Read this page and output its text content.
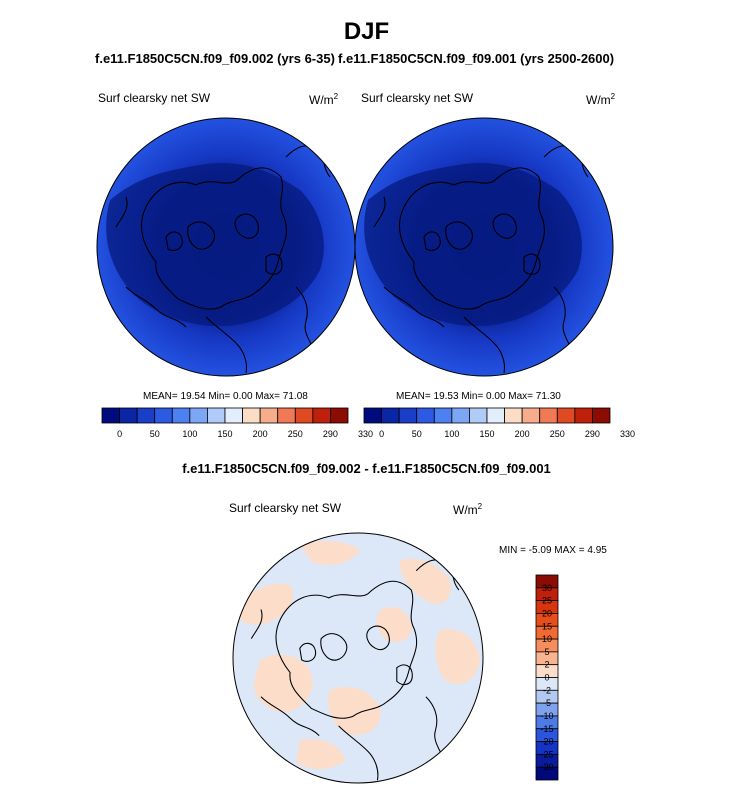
DJF
f.e11.F1850C5CN.f09_f09.002 (yrs 6-35) f.e11.F1850C5CN.f09_f09.001 (yrs 2500-2600)
Surf clearsky net SW	$W/m^2$ Surf clearsky net SW	$W/m^2$
MEAN= 19.54 Min= 0.00 Max= 71.08	MEAN= 19.53 Min= 0.00 Max= 71.30
f.e11.F1850C5CN.f09_f09.002 - f.e11.F1850C5CN.f09_f09.001
Surf clearsky net SW	$W/m^2$
MIN = -5.09 MAX = 4.95
0	50	100 150 200 250 290 330 0	50	100 150 200 250 290 330
30
25
20
15
10
5
2
0
-2
-5
-10
-15
-20
-25
-30
